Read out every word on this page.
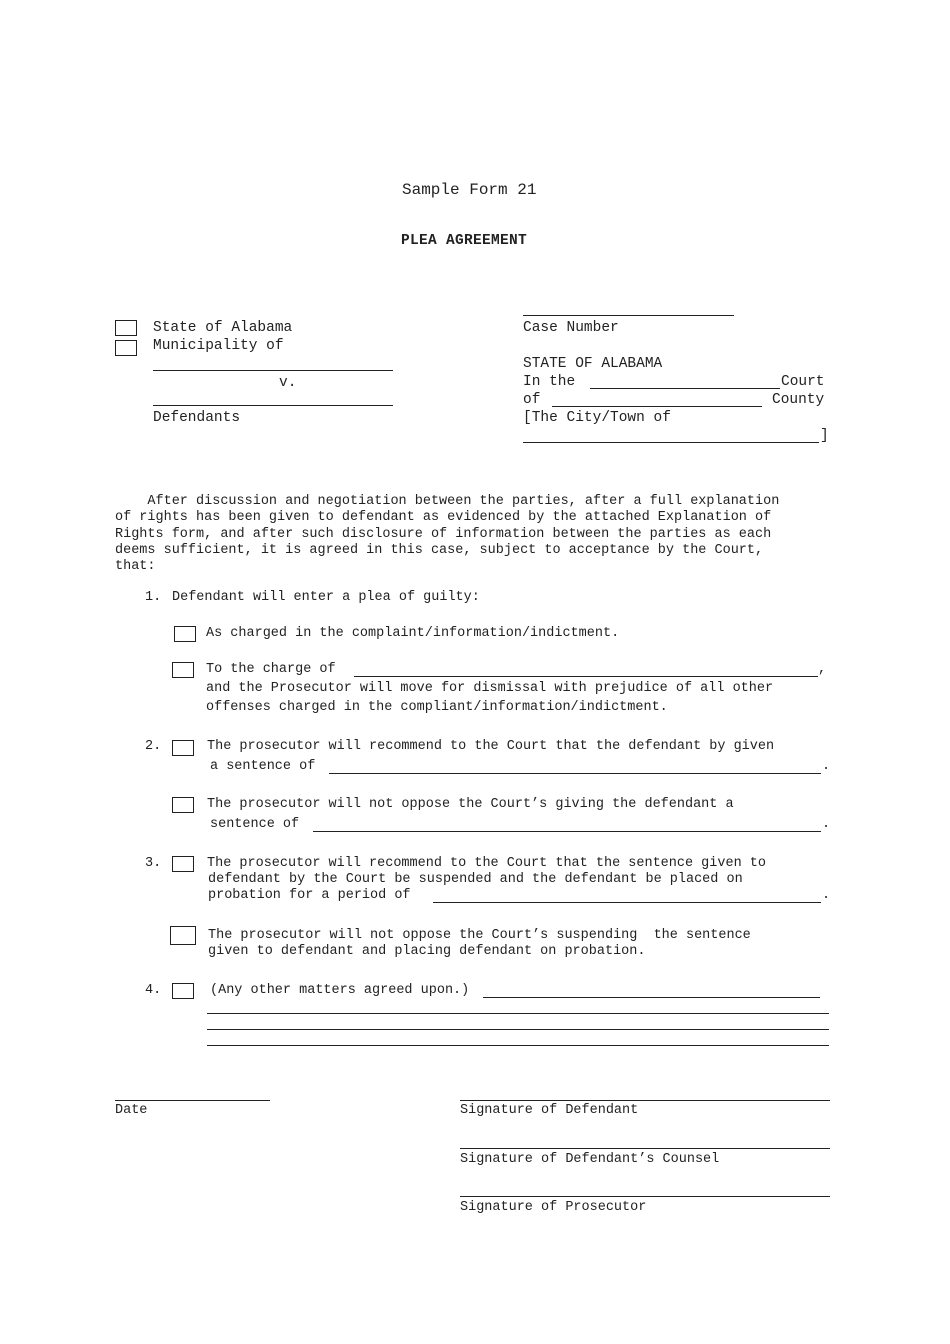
Sample Form 21
PLEA AGREEMENT
State of Alabama
Municipality of
v.
Defendants
Case Number
STATE OF ALABAMA
In the	Court
of	County
[The City/Town of
]
After discussion and negotiation between the parties, after a full explanation
of rights has been given to defendant as evidenced by the attached Explanation of
Rights form, and after such disclosure of information between the parties as each
deems sufficient, it is agreed in this case, subject to acceptance by the Court,
that:
1. Defendant will enter a plea of guilty:
As charged in the complaint/information/indictment.
To the charge of	,
and the Prosecutor will move for dismissal with prejudice of all other
offenses charged in the compliant/information/indictment.
2.	The prosecutor will recommend to the Court that the defendant by given
a sentence of	.
The prosecutor will not oppose the Court’s giving the defendant a
sentence of	.
3.	The prosecutor will recommend to the Court that the sentence given to
defendant by the Court be suspended and the defendant be placed on
probation for a period of	.
The prosecutor will not oppose the Court’s suspending  the sentence
given to defendant and placing defendant on probation.
4.	(Any other matters agreed upon.)
Date	Signature of Defendant
Signature of Defendant’s Counsel
Signature of Prosecutor
